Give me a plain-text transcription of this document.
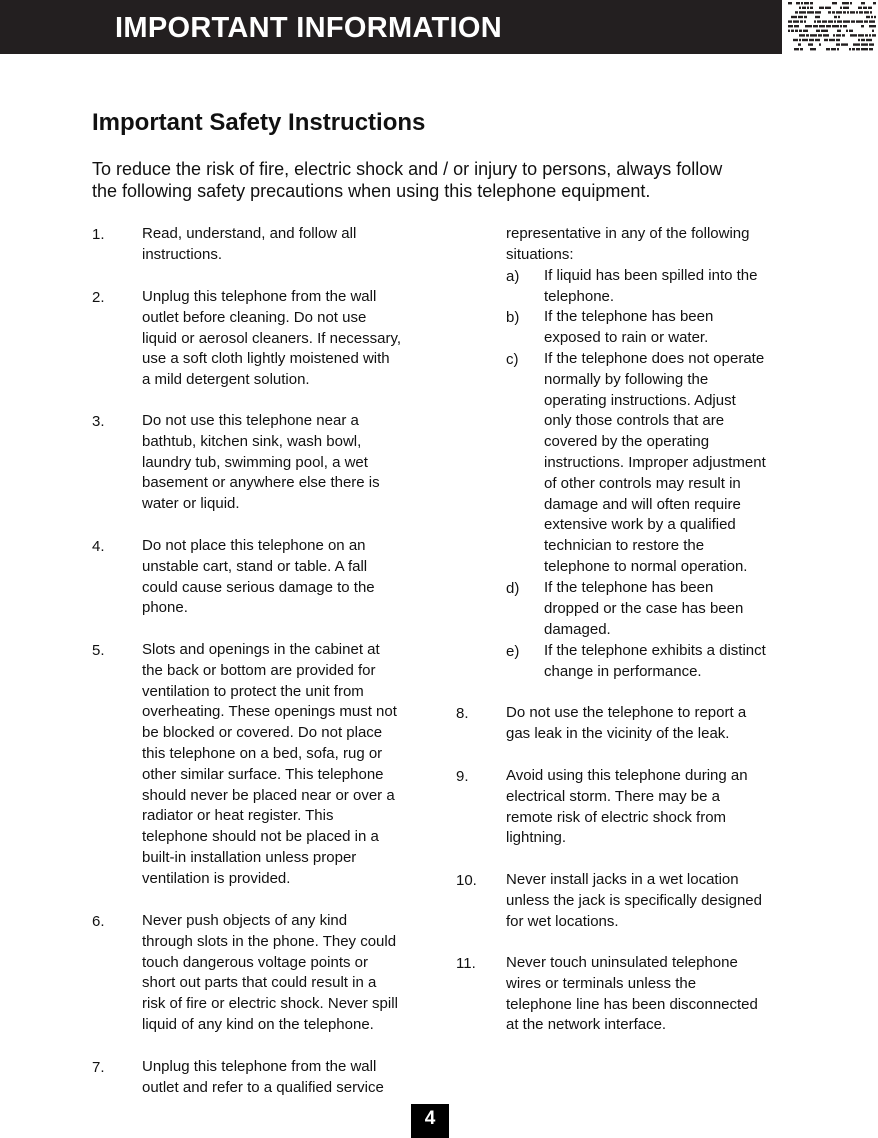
IMPORTANT INFORMATION
Important Safety Instructions
To reduce the risk of fire, electric shock and / or injury to persons, always follow
the following safety precautions when using this telephone equipment.
1. Read, understand, and follow all
instructions.
2. Unplug this telephone from the wall
outlet before cleaning. Do not use
liquid or aerosol cleaners. If necessary,
use a soft cloth lightly moistened with
a mild detergent solution.
3. Do not use this telephone near a
bathtub, kitchen sink, wash bowl,
laundry tub, swimming pool, a wet
basement or anywhere else there is
water or liquid.
4. Do not place this telephone on an
unstable cart, stand or table. A fall
could cause serious damage to the
phone.
5. Slots and openings in the cabinet at
the back or bottom are provided for
ventilation to protect the unit from
overheating. These openings must not
be blocked or covered. Do not place
this telephone on a bed, sofa, rug or
other similar surface. This telephone
should never be placed near or over a
radiator or heat register. This
telephone should not be placed in a
built-in installation unless proper
ventilation is provided.
6. Never push objects of any kind
through slots in the phone. They could
touch dangerous voltage points or
short out parts that could result in a
risk of fire or electric shock. Never spill
liquid of any kind on the telephone.
7. Unplug this telephone from the wall
outlet and refer to a qualified service
representative in any of the following
situations:
a) If liquid has been spilled into the
telephone.
b) If the telephone has been
exposed to rain or water.
c) If the telephone does not operate
normally by following the
operating instructions. Adjust
only those controls that are
covered by the operating
instructions. Improper adjustment
of other controls may result in
damage and will often require
extensive work by a qualified
technician to restore the
telephone to normal operation.
d) If the telephone has been
dropped or the case has been
damaged.
e) If the telephone exhibits a distinct
change in performance.
8. Do not use the telephone to report a
gas leak in the vicinity of the leak.
9. Avoid using this telephone during an
electrical storm. There may be a
remote risk of electric shock from
lightning.
10. Never install jacks in a wet location
unless the jack is specifically designed
for wet locations.
11. Never touch uninsulated telephone
wires or terminals unless the
telephone line has been disconnected
at the network interface.
4
